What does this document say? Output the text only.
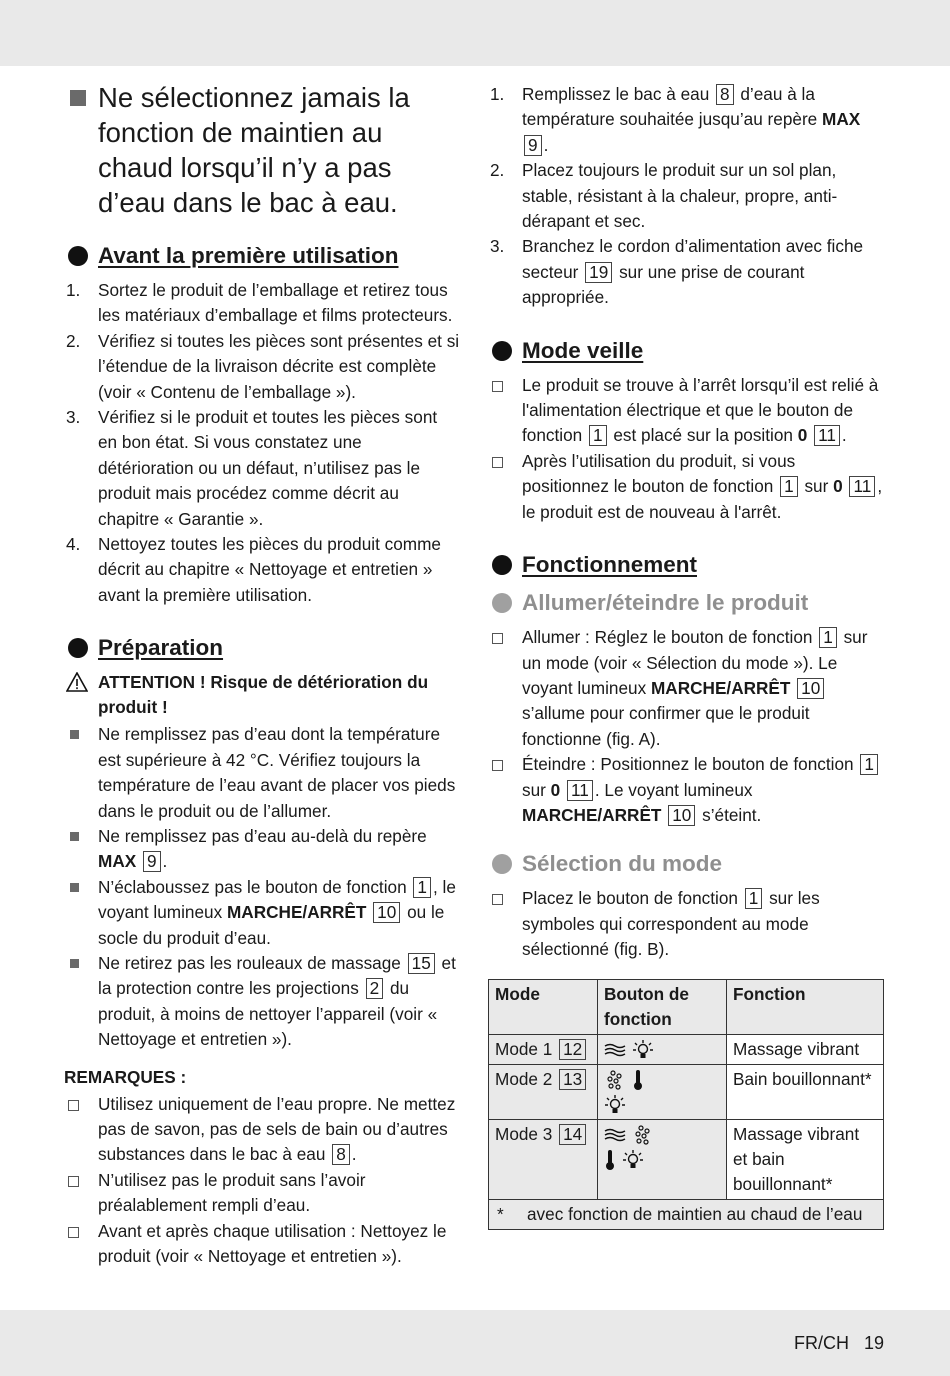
Ne sélectionnez jamais la fonction de maintien au chaud lorsqu’il n’y a pas d’eau dans le bac à eau.
Avant la première utilisation
1. Sortez le produit de l’emballage et retirez tous les matériaux d’emballage et films protecteurs.
2. Vérifiez si toutes les pièces sont présentes et si l’étendue de la livraison décrite est complète (voir « Contenu de l’emballage »).
3. Vérifiez si le produit et toutes les pièces sont en bon état. Si vous constatez une détérioration ou un défaut, n’utilisez pas le produit mais procédez comme décrit au chapitre « Garantie ».
4. Nettoyez toutes les pièces du produit comme décrit au chapitre « Nettoyage et entretien » avant la première utilisation.
Préparation
ATTENTION ! Risque de détérioration du produit !
Ne remplissez pas d’eau dont la température est supérieure à 42 °C. Vérifiez toujours la température de l’eau avant de placer vos pieds dans le produit ou de l’allumer.
Ne remplissez pas d’eau au-delà du repère MAX 9 .
N’éclaboussez pas le bouton de fonction 1 , le voyant lumineux MARCHE/ARRÊT 10 ou le socle du produit d’eau.
Ne retirez pas les rouleaux de massage 15 et la protection contre les projections 2 du produit, à moins de nettoyer l’appareil (voir « Nettoyage et entretien »).
REMARQUES :
Utilisez uniquement de l’eau propre. Ne mettez pas de savon, pas de sels de bain ou d’autres substances dans le bac à eau 8 .
N’utilisez pas le produit sans l’avoir préalablement rempli d’eau.
Avant et après chaque utilisation : Nettoyez le produit (voir « Nettoyage et entretien »).
1. Remplissez le bac à eau 8 d’eau à la température souhaitée jusqu’au repère MAX 9 .
2. Placez toujours le produit sur un sol plan, stable, résistant à la chaleur, propre, anti-dérapant et sec.
3. Branchez le cordon d’alimentation avec fiche secteur 19 sur une prise de courant appropriée.
Mode veille
Le produit se trouve à l’arrêt lorsqu’il est relié à l'alimentation électrique et que le bouton de fonction 1 est placé sur la position 0 11 .
Après l’utilisation du produit, si vous positionnez le bouton de fonction 1 sur 0 11 , le produit est de nouveau à l'arrêt.
Fonctionnement
Allumer/éteindre le produit
Allumer : Réglez le bouton de fonction 1 sur un mode (voir « Sélection du mode »). Le voyant lumineux MARCHE/ARRÊT 10 s’allume pour confirmer que le produit fonctionne (fig. A).
Éteindre : Positionnez le bouton de fonction 1 sur 0 11 . Le voyant lumineux MARCHE/ARRÊT 10 s’éteint.
Sélection du mode
Placez le bouton de fonction 1 sur les symboles qui correspondent au mode sélectionné (fig. B).
Mode	Bouton de fonction	Fonction
Mode 1 12		Massage vibrant
Mode 2 13		Bain bouillonnant*
Mode 3 14		Massage vibrant et bain bouillonnant*

* avec fonction de maintien au chaud de l’eau		
FR/CH 19
